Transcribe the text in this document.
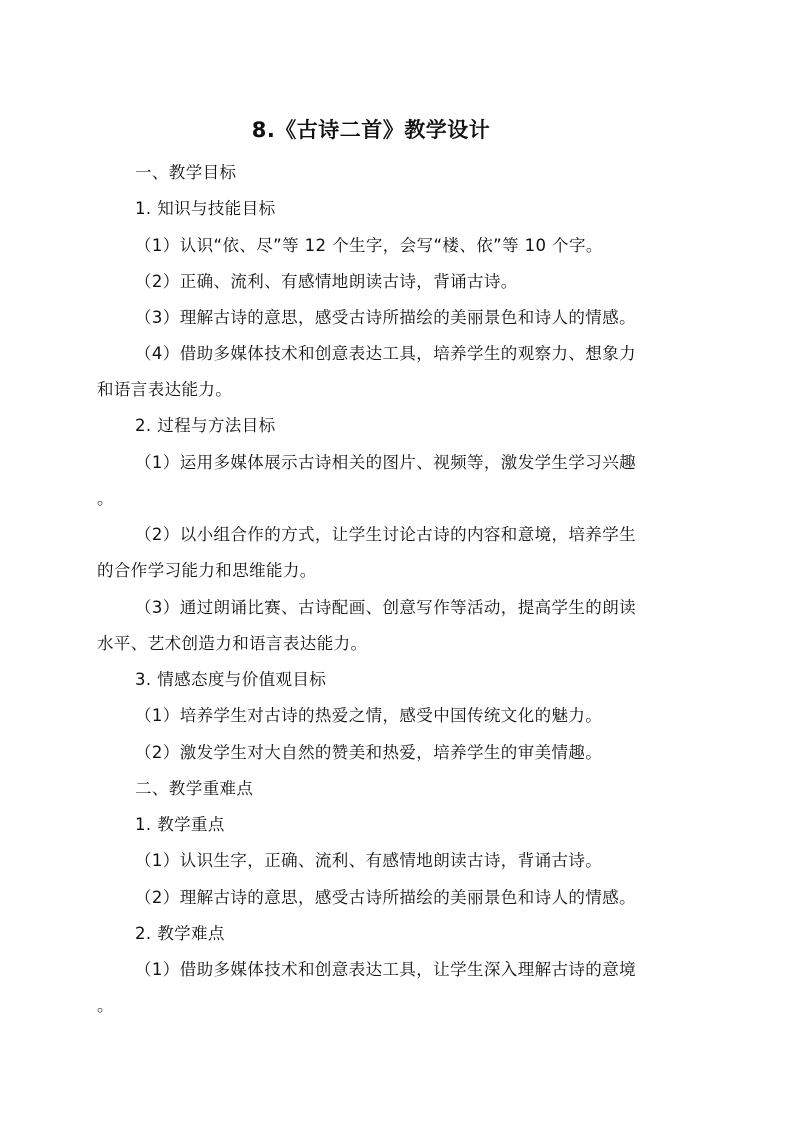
8.《古诗二首》教学设计
一、教学目标
1. 知识与技能目标
（1）认识“依、尽”等 12 个生字，会写“楼、依”等 10 个字。
（2）正确、流利、有感情地朗读古诗，背诵古诗。
（3）理解古诗的意思，感受古诗所描绘的美丽景色和诗人的情感。
（4）借助多媒体技术和创意表达工具，培养学生的观察力、想象力
和语言表达能力。
2. 过程与方法目标
（1）运用多媒体展示古诗相关的图片、视频等，激发学生学习兴趣
。
（2）以小组合作的方式，让学生讨论古诗的内容和意境，培养学生
的合作学习能力和思维能力。
（3）通过朗诵比赛、古诗配画、创意写作等活动，提高学生的朗读
水平、艺术创造力和语言表达能力。
3. 情感态度与价值观目标
（1）培养学生对古诗的热爱之情，感受中国传统文化的魅力。
（2）激发学生对大自然的赞美和热爱，培养学生的审美情趣。
二、教学重难点
1. 教学重点
（1）认识生字，正确、流利、有感情地朗读古诗，背诵古诗。
（2）理解古诗的意思，感受古诗所描绘的美丽景色和诗人的情感。
2. 教学难点
（1）借助多媒体技术和创意表达工具，让学生深入理解古诗的意境
。
